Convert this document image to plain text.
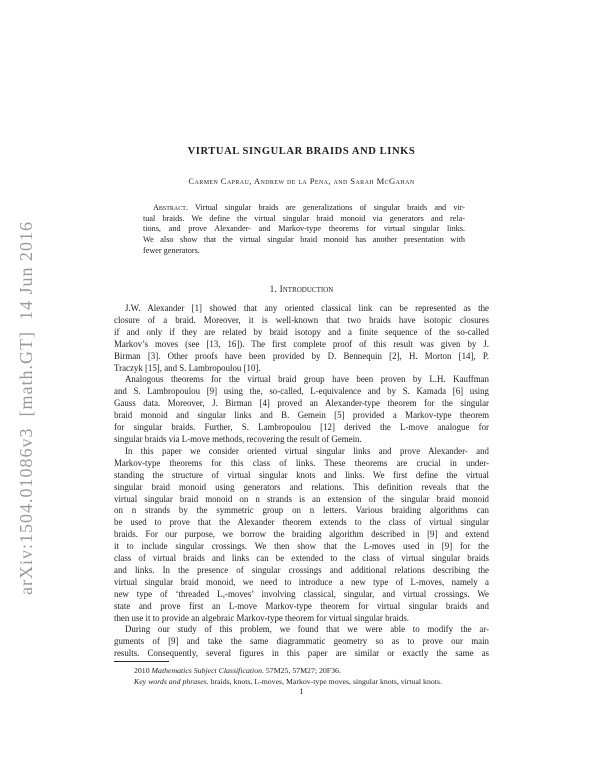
arXiv:1504.01086v3  [math.GT]  14 Jun 2016
VIRTUAL SINGULAR BRAIDS AND LINKS
Carmen Caprau, Andrew de la Pena, and Sarah McGahan
Abstract. Virtual singular braids are generalizations of singular braids and vir-
tual braids. We define the virtual singular braid monoid via generators and rela-
tions, and prove Alexander- and Markov-type theorems for virtual singular links.
We also show that the virtual singular braid monoid has another presentation with
fewer generators.
1. Introduction
J.W. Alexander [1] showed that any oriented classical link can be represented as the
closure of a braid. Moreover, it is well-known that two braids have isotopic closures
if and only if they are related by braid isotopy and a finite sequence of the so-called
Markov’s moves (see [13, 16]). The first complete proof of this result was given by J.
Birman [3]. Other proofs have been provided by D. Bennequin [2], H. Morton [14], P.
Traczyk [15], and S. Lambropoulou [10].
Analogous theorems for the virtual braid group have been proven by L.H. Kauffman
and S. Lambropoulou [9] using the, so-called, L-equivalence and by S. Kamada [6] using
Gauss data. Moreover, J. Birman [4] proved an Alexander-type theorem for the singular
braid monoid and singular links and B. Gemein [5] provided a Markov-type theorem
for singular braids. Further, S. Lambropoulou [12] derived the L-move analogue for
singular braids via L-move methods, recovering the result of Gemein.
In this paper we consider oriented virtual singular links and prove Alexander- and
Markov-type theorems for this class of links. These theorems are crucial in under-
standing the structure of virtual singular knots and links. We first define the virtual
singular braid monoid using generators and relations. This definition reveals that the
virtual singular braid monoid on n strands is an extension of the singular braid monoid
on n strands by the symmetric group on n letters. Various braiding algorithms can
be used to prove that the Alexander theorem extends to the class of virtual singular
braids. For our purpose, we borrow the braiding algorithm described in [9] and extend
it to include singular crossings. We then show that the L-moves used in [9] for the
class of virtual braids and links can be extended to the class of virtual singular braids
and links. In the presence of singular crossings and additional relations describing the
virtual singular braid monoid, we need to introduce a new type of L-moves, namely a
new type of ‘threaded Lᵥ-moves’ involving classical, singular, and virtual crossings. We
state and prove first an L-move Markov-type theorem for virtual singular braids and
then use it to provide an algebraic Markov-type theorem for virtual singular braids.
During our study of this problem, we found that we were able to modify the ar-
guments of [9] and take the same diagrammatic geometry so as to prove our main
results. Consequently, several figures in this paper are similar or exactly the same as
2010 Mathematics Subject Classification. 57M25, 57M27; 20F36.
Key words and phrases. braids, knots, L-moves, Markov-type moves, singular knots, virtual knots.
1
